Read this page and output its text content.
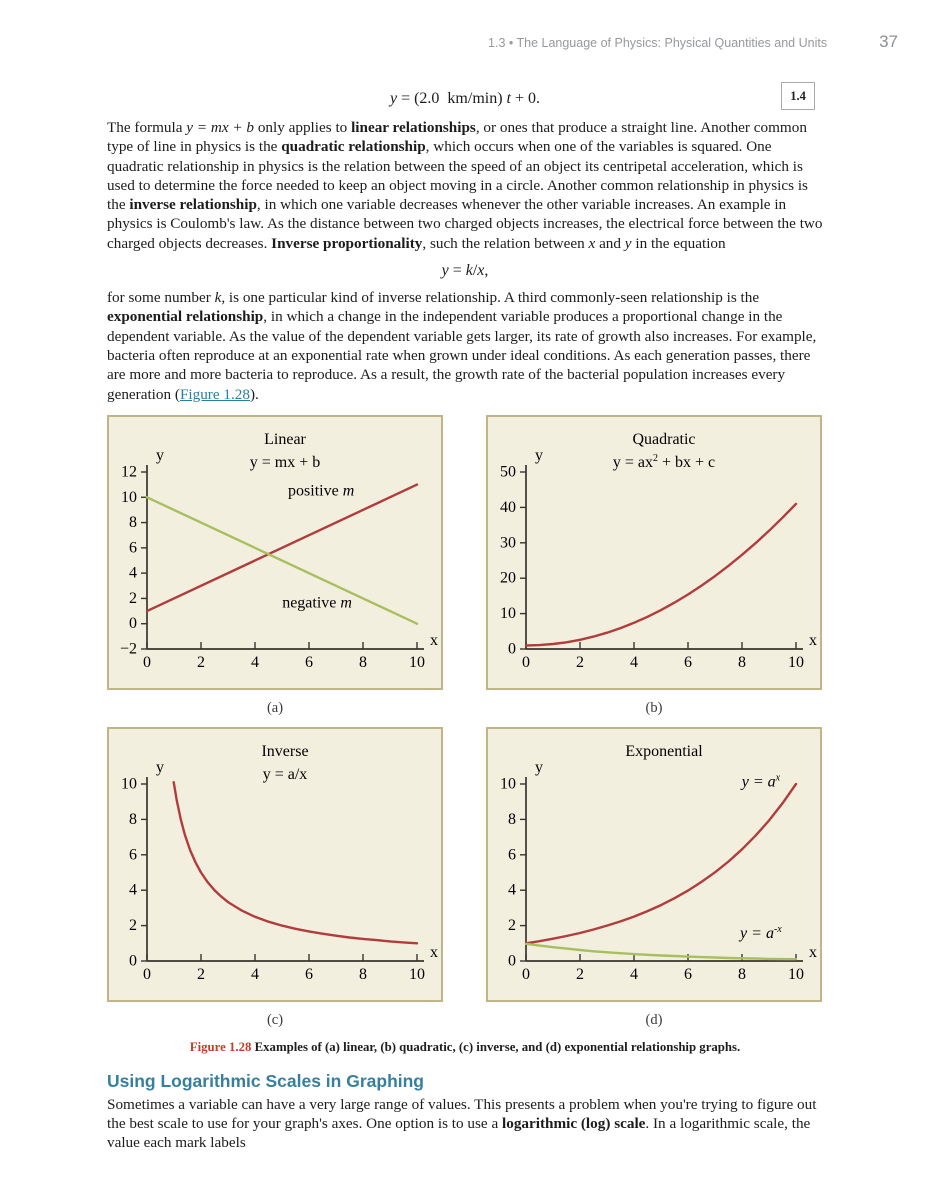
1.3 • The Language of Physics: Physical Quantities and Units	37
y = (2.0 km/min) t + 0.	1.4

The formula y = mx + b only applies to linear relationships, or ones that produce a straight line. Another common type of line in physics is the quadratic relationship, which occurs when one of the variables is squared. One quadratic relationship in physics is the relation between the speed of an object its centripetal acceleration, which is used to determine the force needed to keep an object moving in a circle. Another common relationship in physics is the inverse relationship, in which one variable decreases whenever the other variable increases. An example in physics is Coulomb's law. As the distance between two charged objects increases, the electrical force between the two charged objects decreases. Inverse proportionality, such the relation between x and y in the equation

y = k/x,

for some number k, is one particular kind of inverse relationship. A third commonly-seen relationship is the exponential relationship, in which a change in the independent variable produces a proportional change in the dependent variable. As the value of the dependent variable gets larger, its rate of growth also increases. For example, bacteria often reproduce at an exponential rate when grown under ideal conditions. As each generation passes, there are more and more bacteria to reproduce. As a result, the growth rate of the bacterial population increases every generation (Figure 1.28).

Linear
y = mx + b
y
x
−2
0
2
4
6
8
10
12
0	2	4	6	8	10
positive m
negative m
(a)
Quadratic
$y = ax^2$ + bx + c
y
x
0
10
20
30
40
50
0	2	4	6	8	10
(b)
Inverse
y = a/x
y
x
0
2
4
6
8
10
0	2	4	6	8	10
(c)
Exponential
y
x
0
2
4
6
8
10
0	2	4	6	8	10
$y = a^x$
$y = a^{-x}$
(d)
Figure 1.28 Examples of (a) linear, (b) quadratic, (c) inverse, and (d) exponential relationship graphs.
Using Logarithmic Scales in Graphing

Sometimes a variable can have a very large range of values. This presents a problem when you're trying to figure out the best scale to use for your graph's axes. One option is to use a logarithmic (log) scale. In a logarithmic scale, the value each mark labels
